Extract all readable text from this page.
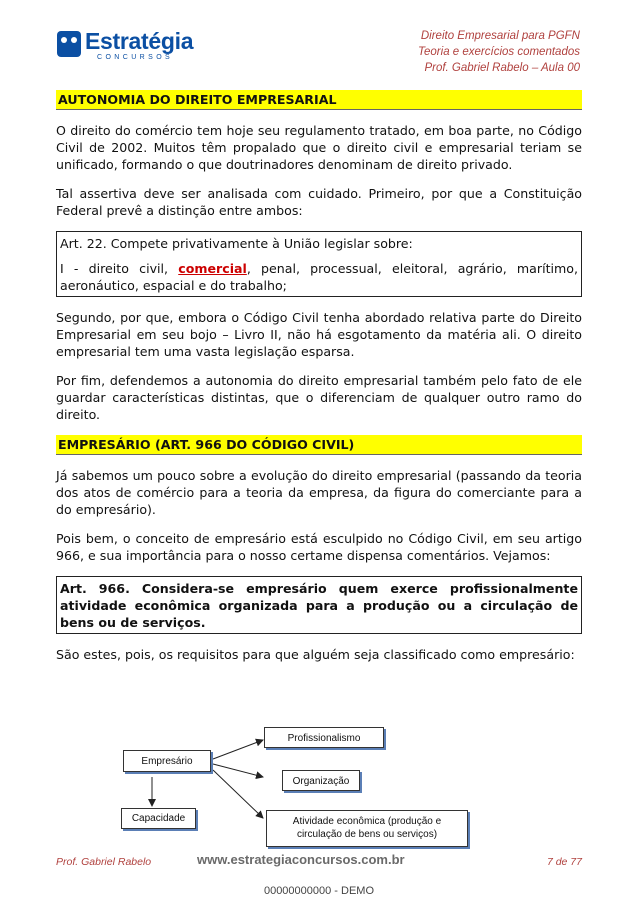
Estratégia
CONCURSOS
Direito Empresarial para PGFN
Teoria e exercícios comentados
Prof. Gabriel Rabelo – Aula 00
AUTONOMIA DO DIREITO EMPRESARIAL

O direito do comércio tem hoje seu regulamento tratado, em boa parte, no Código Civil de 2002. Muitos têm propalado que o direito civil e empresarial teriam se unificado, formando o que doutrinadores denominam de direito privado.

Tal assertiva deve ser analisada com cuidado. Primeiro, por que a Constituição Federal prevê a distinção entre ambos:

Art. 22. Compete privativamente à União legislar sobre:

I - direito civil, comercial, penal, processual, eleitoral, agrário, marítimo, aeronáutico, espacial e do trabalho;

Segundo, por que, embora o Código Civil tenha abordado relativa parte do Direito Empresarial em seu bojo – Livro II, não há esgotamento da matéria ali. O direito empresarial tem uma vasta legislação esparsa.

Por fim, defendemos a autonomia do direito empresarial também pelo fato de ele guardar características distintas, que o diferenciam de qualquer outro ramo do direito.

EMPRESÁRIO (ART. 966 DO CÓDIGO CIVIL)

Já sabemos um pouco sobre a evolução do direito empresarial (passando da teoria dos atos de comércio para a teoria da empresa, da figura do comerciante para a do empresário).

Pois bem, o conceito de empresário está esculpido no Código Civil, em seu artigo 966, e sua importância para o nosso certame dispensa comentários. Vejamos:

Art. 966. Considera-se empresário quem exerce profissionalmente atividade econômica organizada para a produção ou a circulação de bens ou de serviços.

São estes, pois, os requisitos para que alguém seja classificado como empresário:

Empresário
Capacidade
Profissionalismo
Organização
Atividade econômica (produção e
circulação de bens ou serviços)
Prof. Gabriel Rabelo	www.estrategiaconcursos.com.br	7 de 77
00000000000 - DEMO
